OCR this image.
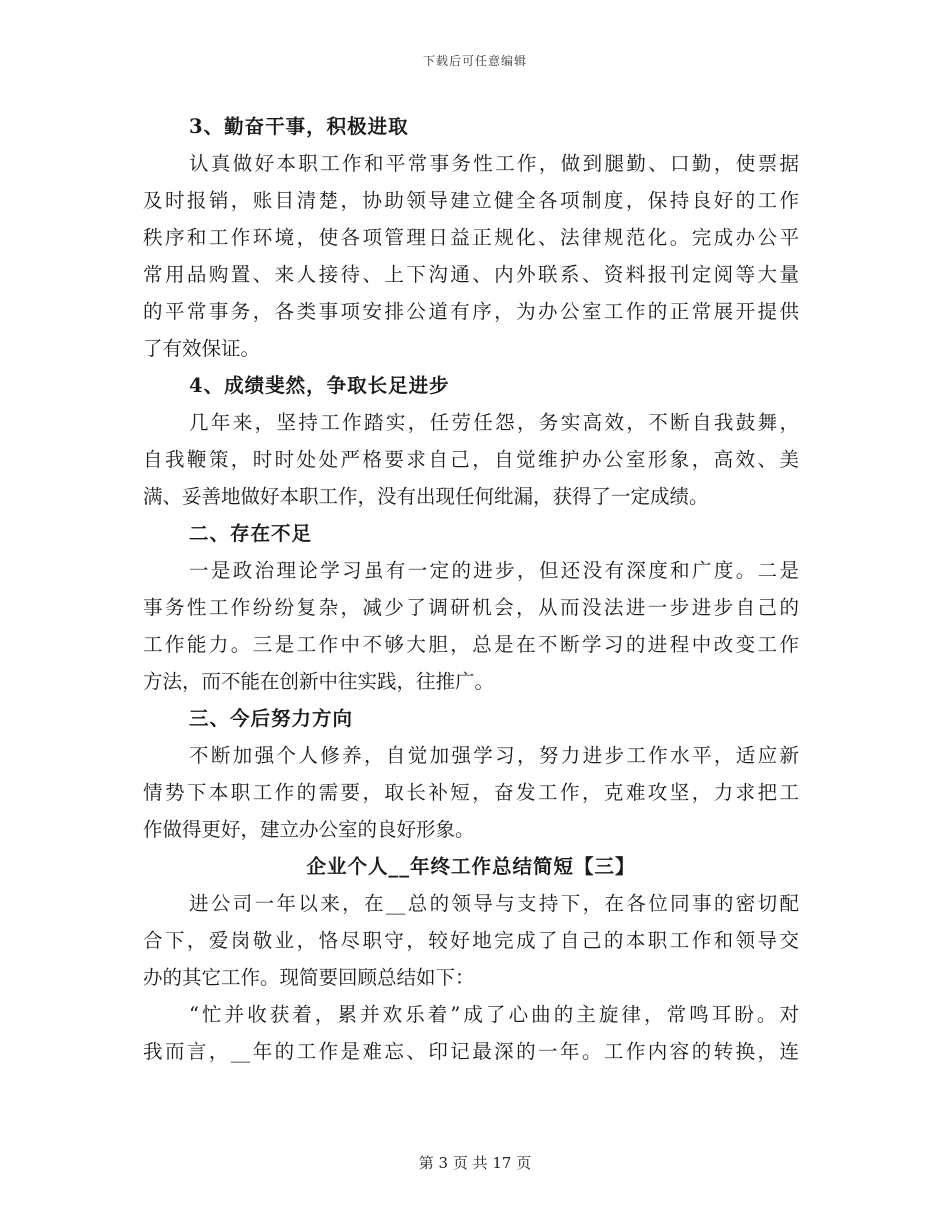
下载后可任意编辑
3、勤奋干事，积极进取
认真做好本职工作和平常事务性工作，做到腿勤、口勤，使票据
及时报销，账目清楚，协助领导建立健全各项制度，保持良好的工作
秩序和工作环境，使各项管理日益正规化、法律规范化。完成办公平
常用品购置、来人接待、上下沟通、内外联系、资料报刊定阅等大量
的平常事务，各类事项安排公道有序，为办公室工作的正常展开提供
了有效保证。
4、成绩斐然，争取长足进步
几年来，坚持工作踏实，任劳任怨，务实高效，不断自我鼓舞，
自我鞭策，时时处处严格要求自己，自觉维护办公室形象，高效、美
满、妥善地做好本职工作，没有出现任何纰漏，获得了一定成绩。
二、存在不足
一是政治理论学习虽有一定的进步，但还没有深度和广度。二是
事务性工作纷纷复杂，减少了调研机会，从而没法进一步进步自己的
工作能力。三是工作中不够大胆，总是在不断学习的进程中改变工作
方法，而不能在创新中往实践，往推广。
三、今后努力方向
不断加强个人修养，自觉加强学习，努力进步工作水平，适应新
情势下本职工作的需要，取长补短，奋发工作，克难攻坚，力求把工
作做得更好，建立办公室的良好形象。
企业个人__年终工作总结简短【三】
进公司一年以来，在__总的领导与支持下，在各位同事的密切配
合下，爱岗敬业，恪尽职守，较好地完成了自己的本职工作和领导交
办的其它工作。现简要回顾总结如下：
“忙并收获着，累并欢乐着”成了心曲的主旋律，常鸣耳盼。对
我而言，__年的工作是难忘、印记最深的一年。工作内容的转换，连
第 3 页 共 17 页
